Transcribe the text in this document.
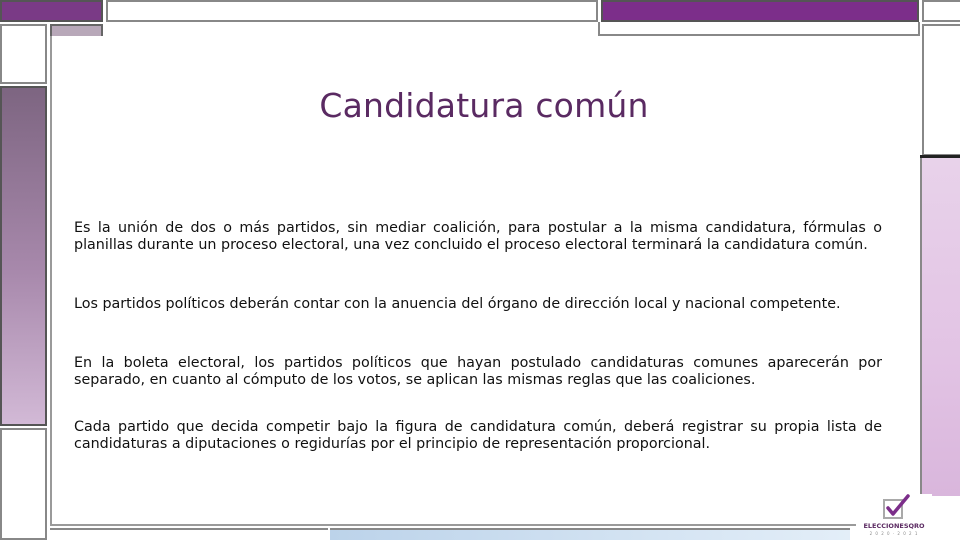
Candidatura común

Es la unión de dos o más partidos, sin mediar coalición, para postular a la misma candidatura, fórmulas o planillas durante un proceso electoral, una vez concluido el proceso electoral terminará la candidatura común.

Los partidos políticos deberán contar con la anuencia del órgano de dirección local y nacional competente.

En la boleta electoral, los partidos políticos que hayan postulado candidaturas comunes aparecerán por separado, en cuanto al cómputo de los votos, se aplican las mismas reglas que las coaliciones.

Cada partido que decida competir bajo la figura de candidatura común, deberá registrar su propia lista de candidaturas a diputaciones o regidurías por el principio de representación proporcional.

ELECCIONESQRO
2 0 2 0 · 2 0 2 1
